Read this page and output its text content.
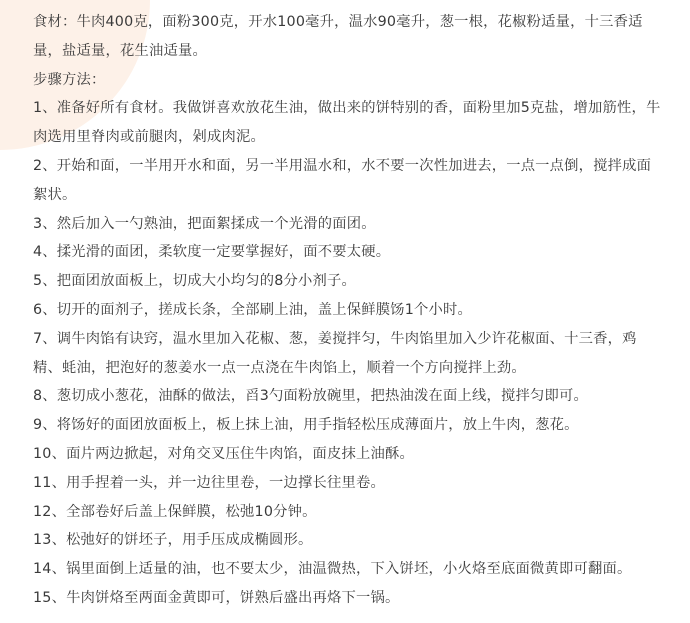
食材：牛肉400克，面粉300克，开水100毫升，温水90毫升，葱一根，花椒粉适量，十三香适量，盐适量，花生油适量。

步骤方法：

1、准备好所有食材。我做饼喜欢放花生油，做出来的饼特别的香，面粉里加5克盐，增加筋性，牛肉选用里脊肉或前腿肉，剁成肉泥。

2、开始和面，一半用开水和面，另一半用温水和，水不要一次性加进去，一点一点倒，搅拌成面絮状。

3、然后加入一勺熟油，把面絮揉成一个光滑的面团。

4、揉光滑的面团，柔软度一定要掌握好，面不要太硬。

5、把面团放面板上，切成大小均匀的8分小剂子。

6、切开的面剂子，搓成长条，全部刷上油，盖上保鲜膜饧1个小时。

7、调牛肉馅有诀窍，温水里加入花椒、葱，姜搅拌匀，牛肉馅里加入少许花椒面、十三香，鸡精、蚝油，把泡好的葱姜水一点一点浇在牛肉馅上，顺着一个方向搅拌上劲。

8、葱切成小葱花，油酥的做法，舀3勺面粉放碗里，把热油泼在面上线，搅拌匀即可。

9、将饧好的面团放面板上，板上抹上油，用手指轻松压成薄面片，放上牛肉，葱花。

10、面片两边掀起，对角交叉压住牛肉馅，面皮抹上油酥。

11、用手捏着一头，并一边往里卷，一边撑长往里卷。

12、全部卷好后盖上保鲜膜，松弛10分钟。

13、松弛好的饼坯子，用手压成成椭圆形。

14、锅里面倒上适量的油，也不要太少，油温微热，下入饼坯，小火烙至底面微黄即可翻面。

15、牛肉饼烙至两面金黄即可，饼熟后盛出再烙下一锅。
